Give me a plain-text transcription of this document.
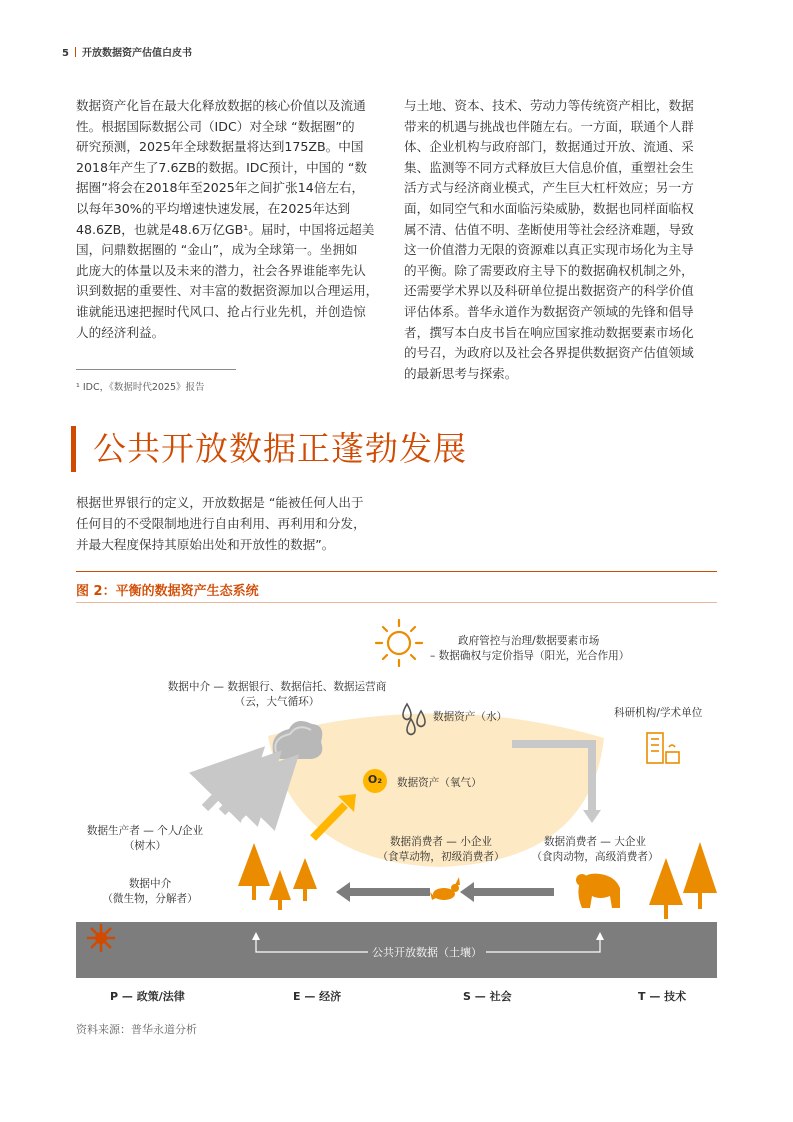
5 开放数据资产估值白皮书

数据资产化旨在最大化释放数据的核心价值以及流通

性。根据国际数据公司（IDC）对全球 “数据圈”的

研究预测，2025年全球数据量将达到175ZB。中国

2018年产生了7.6ZB的数据。IDC预计，中国的 “数

据圈”将会在2018年至2025年之间扩张14倍左右，

以每年30%的平均增速快速发展，在2025年达到

48.6ZB，也就是48.6万亿GB¹。届时，中国将远超美

国，问鼎数据圈的 “金山”，成为全球第一。坐拥如

此庞大的体量以及未来的潜力，社会各界谁能率先认

识到数据的重要性、对丰富的数据资源加以合理运用，

谁就能迅速把握时代风口、抢占行业先机，并创造惊

人的经济利益。

与土地、资本、技术、劳动力等传统资产相比，数据

带来的机遇与挑战也伴随左右。一方面，联通个人群

体、企业机构与政府部门，数据通过开放、流通、采

集、监测等不同方式释放巨大信息价值，重塑社会生

活方式与经济商业模式，产生巨大杠杆效应；另一方

面，如同空气和水面临污染威胁，数据也同样面临权

属不清、估值不明、垄断使用等社会经济难题，导致

这一价值潜力无限的资源难以真正实现市场化为主导

的平衡。除了需要政府主导下的数据确权机制之外，

还需要学术界以及科研单位提出数据资产的科学价值

评估体系。普华永道作为数据资产领域的先锋和倡导

者，撰写本白皮书旨在响应国家推动数据要素市场化

的号召，为政府以及社会各界提供数据资产估值领域

的最新思考与探索。

¹ IDC，《数据时代2025》报告
公共开放数据正蓬勃发展
根据世界银行的定义，开放数据是 “能被任何人出于
任何目的不受限制地进行自由利用、再利用和分发，
并最大程度保持其原始出处和开放性的数据”。
图 2：平衡的数据资产生态系统
政府管控与治理/数据要素市场
– 数据确权与定价指导（阳光，光合作用）
数据中介 — 数据银行、数据信托、数据运营商
（云，大气循环）
数据资产（水）	科研机构/学术单位
O₂	数据资产（氧气）
数据生产者 — 个人/企业
（树木）	数据消费者 — 小企业
（食草动物，初级消费者）
数据消费者 — 大企业
（食肉动物，高级消费者）
数据中介
（微生物，分解者）
公共开放数据（土壤）
P — 政策/法律	E — 经济	S — 社会	T — 技术
资料来源：普华永道分析
